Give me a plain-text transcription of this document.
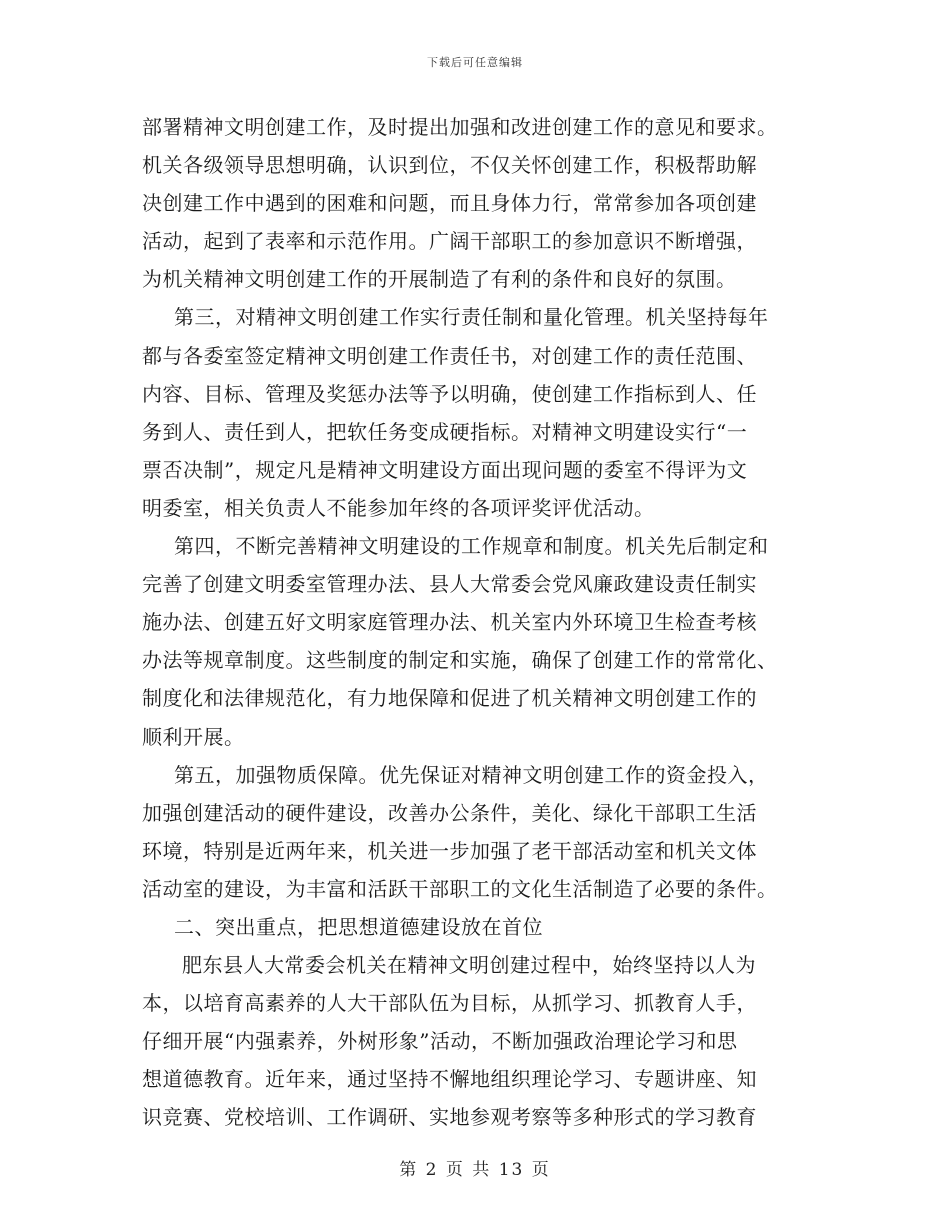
下载后可任意编辑
部署精神文明创建工作，及时提出加强和改进创建工作的意见和要求。
机关各级领导思想明确，认识到位，不仅关怀创建工作，积极帮助解
决创建工作中遇到的困难和问题，而且身体力行，常常参加各项创建
活动，起到了表率和示范作用。广阔干部职工的参加意识不断增强，
为机关精神文明创建工作的开展制造了有利的条件和良好的氛围。
第三，对精神文明创建工作实行责任制和量化管理。机关坚持每年
都与各委室签定精神文明创建工作责任书，对创建工作的责任范围、
内容、目标、管理及奖惩办法等予以明确，使创建工作指标到人、任
务到人、责任到人，把软任务变成硬指标。对精神文明建设实行“一
票否决制”，规定凡是精神文明建设方面出现问题的委室不得评为文
明委室，相关负责人不能参加年终的各项评奖评优活动。
第四，不断完善精神文明建设的工作规章和制度。机关先后制定和
完善了创建文明委室管理办法、县人大常委会党风廉政建设责任制实
施办法、创建五好文明家庭管理办法、机关室内外环境卫生检查考核
办法等规章制度。这些制度的制定和实施，确保了创建工作的常常化、
制度化和法律规范化，有力地保障和促进了机关精神文明创建工作的
顺利开展。
第五，加强物质保障。优先保证对精神文明创建工作的资金投入，
加强创建活动的硬件建设，改善办公条件，美化、绿化干部职工生活
环境，特别是近两年来，机关进一步加强了老干部活动室和机关文体
活动室的建设，为丰富和活跃干部职工的文化生活制造了必要的条件。
二、突出重点，把思想道德建设放在首位
肥东县人大常委会机关在精神文明创建过程中，始终坚持以人为
本，以培育高素养的人大干部队伍为目标，从抓学习、抓教育人手，
仔细开展“内强素养，外树形象”活动，不断加强政治理论学习和思
想道德教育。近年来，通过坚持不懈地组织理论学习、专题讲座、知
识竞赛、党校培训、工作调研、实地参观考察等多种形式的学习教育
第 2 页 共 13 页
